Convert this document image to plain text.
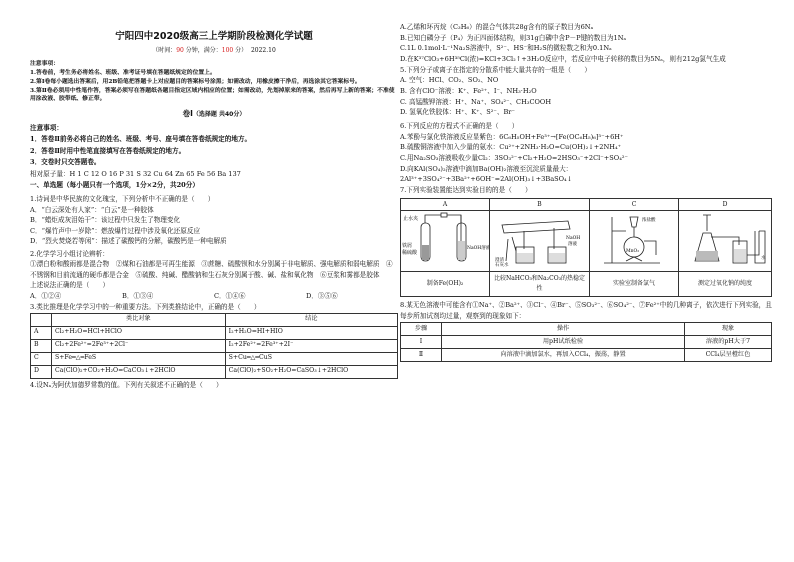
宁阳四中2020级高三上学期阶段检测化学试题
（时间：90 分钟，满分：100 分） 2022.10

注意事项：

1.答卷前，考生务必将姓名、班级、准考证号填在答题纸规定的位置上。

2.第Ⅰ卷每小题选出答案后，用2B铅笔把答题卡上对应题目的答案标号涂黑；如需改动，用橡皮擦干净后，再选涂其它答案标号。

3.第Ⅱ卷必须用中性笔作答，答案必须写在答题纸各题目指定区域内相应的位置；如需改动，先划掉原来的答案，然后再写上新的答案；不准使用涂改液、胶带纸、修正带。

卷Ⅰ（选择题 共40分）

注意事项：

1．答卷Ⅱ前务必将自己的姓名、班级、考号、座号填在答卷纸规定的地方。

2．答卷Ⅱ时用中性笔直接填写在答卷纸规定的地方。

3．交卷时只交答题卷。

相对原子量：H 1 C 12 O 16 P 31 S 32 Cu 64 Zn 65 Fe 56 Ba 137

一、单选题（每小题只有一个选项，1分×2分，共20分）

1.诗词是中华民族的文化瑰宝，下列分析中不正确的是（　　）

A．“白云深处有人家”：“白云”是一种胶体

B．“蜡炬成灰泪始干”：该过程中只发生了物理变化

C．“爆竹声中一岁除”：燃放爆竹过程中涉及氧化还原反应

D．“烈火焚烧若等闲”：描述了碳酸钙的分解，碳酸钙是一种电解质

2.化学学习小组讨论辨析：

①漂白粉和酸雨都是混合物　②煤和石油都是可再生能源　③蔗糖、硫酸钡和水分别属于非电解质、强电解质和弱电解质　④不锈钢和目前流通的硬币都是合金　⑤硫酸、纯碱、醋酸钠和生石灰分别属于酸、碱、盐和氧化物　⑥豆浆和雾都是胶体

上述说法正确的是（　　）

A．①②④	B．①③④	C．①④⑥	D．③⑤⑥

3.类比推理是化学学习中的一种重要方法。下列类推结论中，正确的是（　　）

	类比对象	结论
A	Cl₂+H₂O=HCl+HClO	I₂+H₂O=HI+HIO
B	Cl₂+2Fe²⁺=2Fe³⁺+2Cl⁻	I₂+2Fe²⁺=2Fe³⁺+2I⁻
C	S+Fe═△═FeS	S+Cu═△═CuS
D	Ca(ClO)₂+CO₂+H₂O=CaCO₃↓+2HClO	Ca(ClO)₂+SO₂+H₂O=CaSO₃↓+2HClO

4.设Nₐ为阿伏加德罗常数的值。下列有关叙述不正确的是（　　）

A.乙烯和环丙烷（C₃H₆）的混合气体共28g含有的原子数目为6Nₐ

B.已知白磷分子（P₄）为正四面体结构，则31g白磷中含P－P键的数目为1Nₐ

C.1L 0.1mol·L⁻¹Na₂S溶液中，S²⁻、HS⁻和H₂S的微粒数之和为0.1Nₐ

D.在K³⁷ClO₃+6H³⁵Cl(浓)=KCl+3Cl₂↑+3H₂O反应中，若反应中电子转移的数目为5Nₐ，则有212g氯气生成

5.下列分子或离子在指定的分散系中能大量共存的一组是（　　）

A. 空气：HCl、CO₂、SO₂、NO

B. 含有ClO⁻溶液：K⁺、Fe²⁺、I⁻、NH₃·H₂O

C. 高锰酸钾溶液：H⁺、Na⁺、SO₄²⁻、CH₃COOH

D. 氢氧化铁胶体：H⁺、K⁺、S²⁻、Br⁻

6.下列反应的方程式不正确的是（　　）

A.苯酚与氯化铁溶液反应显紫色：6C₆H₅OH+Fe³⁺→[Fe(OC₆H₅)₆]³⁻+6H⁺

B.硫酸铜溶液中加入少量的氨水：Cu²⁺+2NH₃·H₂O=Cu(OH)₂↓+2NH₄⁺

C.用Na₂SO₃溶液吸收少量Cl₂：3SO₃²⁻+Cl₂+H₂O=2HSO₃⁻+2Cl⁻+SO₄²⁻

D.向KAl(SO₄)₂溶液中滴加Ba(OH)₂溶液至沉淀质量最大：

2Al³⁺+3SO₄²⁻+3Ba²⁺+6OH⁻=2Al(OH)₃↓+3BaSO₄↓

7.下列实验装置能达到实验目的的是（　　）

A	B	C	D

止水夹
铁屑
稀硫酸
NaOH溶液	NaOH
溶液
澄清
石灰水	浓盐酸
MnO₂	水

制备Fe(OH)₂	比较NaHCO₃和Na₂CO₃的热稳定性	实验室制备氯气	测定过氧化钠的纯度

8.某无色溶液中可能含有①Na⁺、②Ba²⁺、③Cl⁻、④Br⁻、⑤SO₃²⁻、⑥SO₄²⁻、⑦Fe²⁺中的几种离子，依次进行下列实验，且每步所加试剂均过量，观察到的现象如下：

步骤	操作	现象
Ⅰ	用pH试纸检验	溶液的pH大于7
Ⅱ	向溶液中滴加氯水，再加入CCl₄，振荡，静置	CCl₄层呈橙红色
